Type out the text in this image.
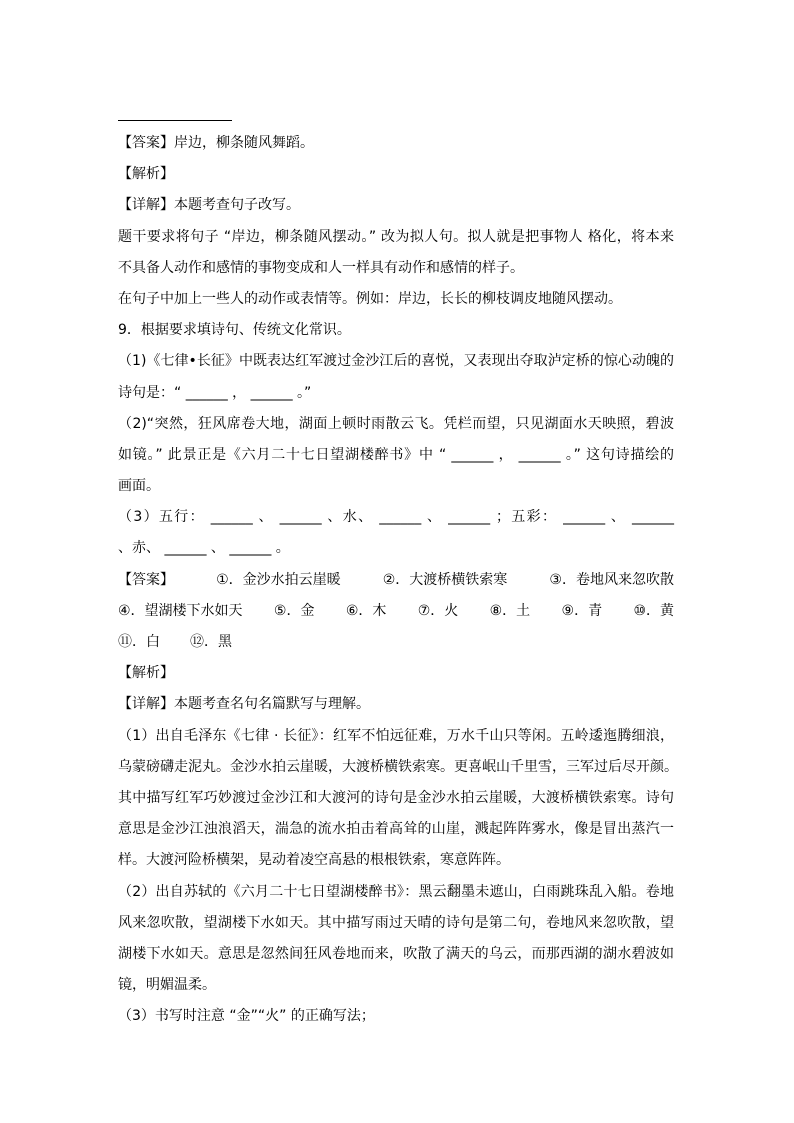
【答案】岸边，柳条随风舞蹈。
【解析】
【详解】本题考查句子改写。
题干要求将句子 “岸边，柳条随风摆动。” 改为拟人句。拟人就是把事物人 格化，将本来
不具备人动作和感情的事物变成和人一样具有动作和感情的样子。
在句子中加上一些人的动作或表情等。例如：岸边，长长的柳枝调皮地随风摆动。
9．根据要求填诗句、传统文化常识。
（1)《七律•长征》中既表达红军渡过金沙江后的喜悦，又表现出夺取泸定桥的惊心动魄的
诗句是：“ ______ ， ______ 。”
（2)“突然，狂风席卷大地，湖面上顿时雨散云飞。凭栏而望，只见湖面水天映照，碧波
如镜。” 此景正是《六月二十七日望湖楼醉书》中 “ ______ ， ______ 。” 这句诗描绘的
画面。
（3）五行： ______ 、 ______ 、水、 ______ 、 ______ ；五彩： ______ 、 ______
、赤、 ______ 、 ______ 。
【答案】	①．金沙水拍云崖暖	②．大渡桥横铁索寒	③．卷地风来忽吹散
④．望湖楼下水如天 ⑤．金 ⑥．木 ⑦．火 ⑧．土 ⑨．青 ⑩．黄
⑪．白 ⑫．黑
【解析】
【详解】本题考查名句名篇默写与理解。
（1）出自毛泽东《七律 · 长征》：红军不怕远征难，万水千山只等闲。五岭逶迤腾细浪，
乌蒙磅礴走泥丸。金沙水拍云崖暖，大渡桥横铁索寒。更喜岷山千里雪，三军过后尽开颜。
其中描写红军巧妙渡过金沙江和大渡河的诗句是金沙水拍云崖暖，大渡桥横铁索寒。诗句
意思是金沙江浊浪滔天，湍急的流水拍击着高耸的山崖，溅起阵阵雾水，像是冒出蒸汽一
样。大渡河险桥横架，晃动着凌空高悬的根根铁索，寒意阵阵。
（2）出自苏轼的《六月二十七日望湖楼醉书》：黑云翻墨未遮山，白雨跳珠乱入船。卷地
风来忽吹散，望湖楼下水如天。其中描写雨过天晴的诗句是第二句，卷地风来忽吹散，望
湖楼下水如天。意思是忽然间狂风卷地而来，吹散了满天的乌云，而那西湖的湖水碧波如
镜，明媚温柔。
（3）书写时注意 “金”“火” 的正确写法；
